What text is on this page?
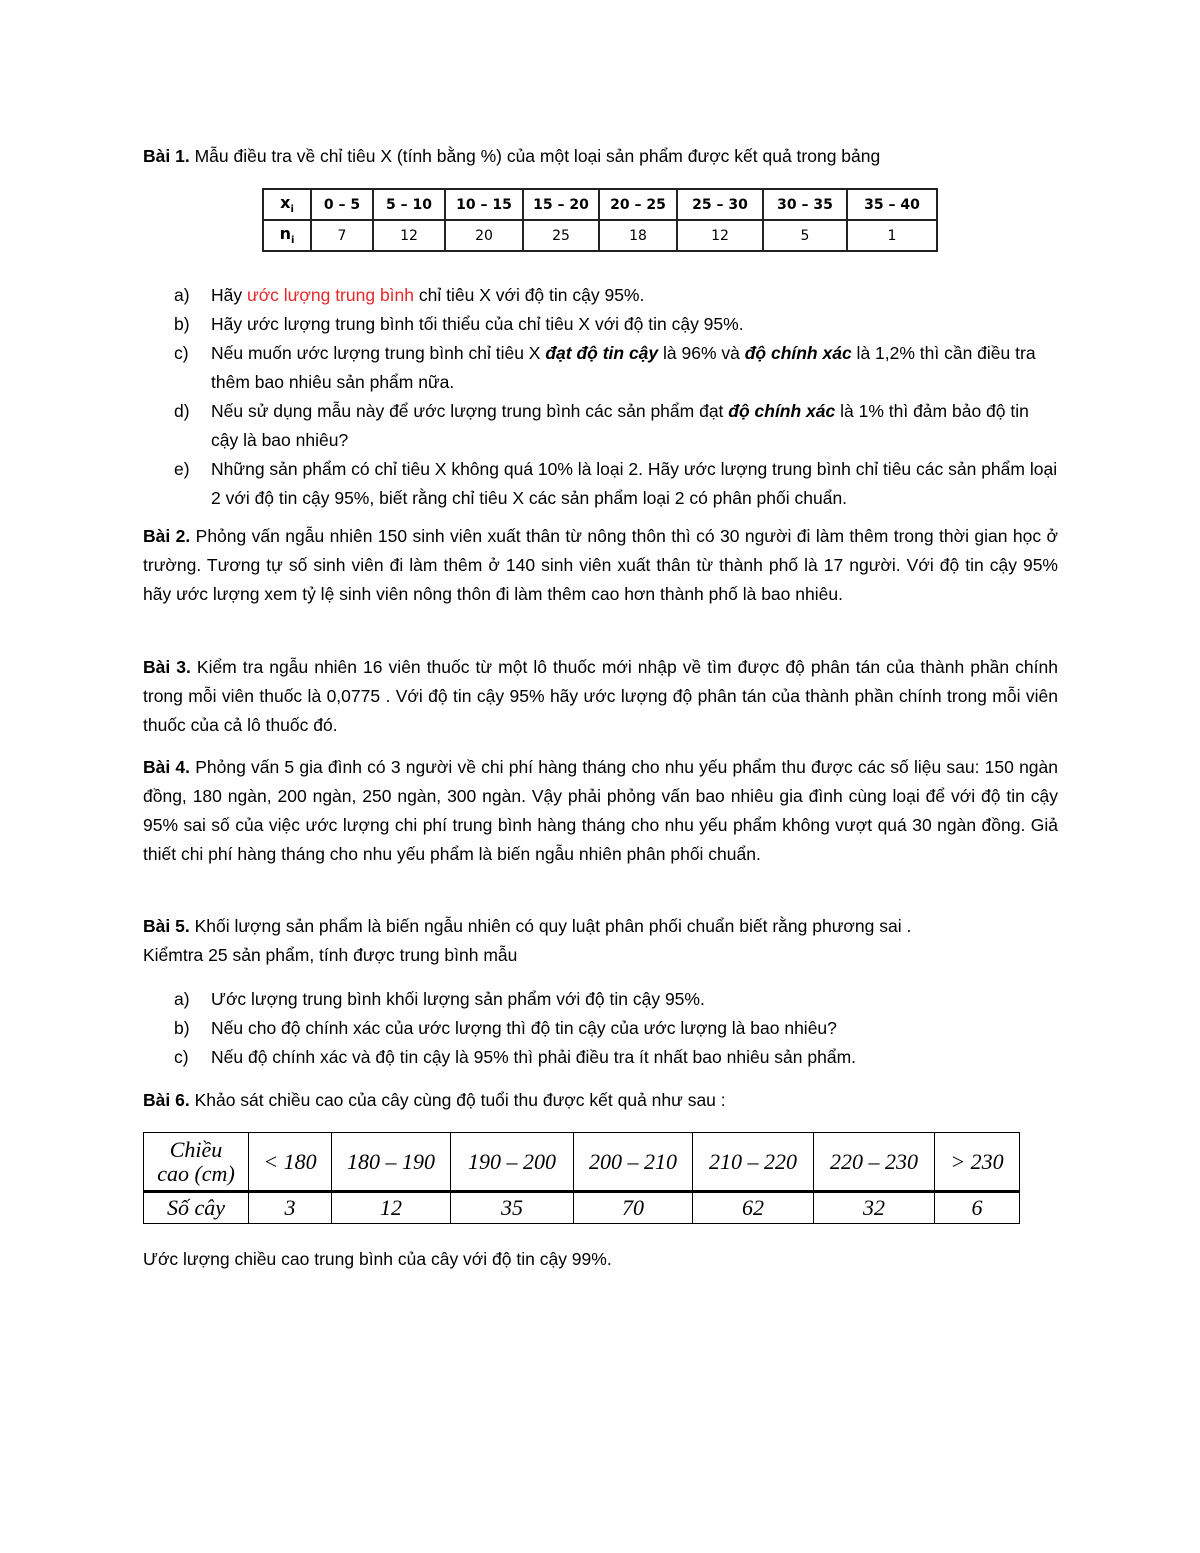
Bài 1. Mẫu điều tra về chỉ tiêu X (tính bằng %) của một loại sản phẩm được kết quả trong bảng
$x_i$	0 – 5	5 – 10	10 – 15	15 – 20	20 – 25	25 – 30	30 – 35	35 – 40
$n_i$	7	12	20	25	18	12	5	1
a) Hãy ước lượng trung bình chỉ tiêu X với độ tin cậy 95%.
b) Hãy ước lượng trung bình tối thiểu của chỉ tiêu X với độ tin cậy 95%.
c) Nếu muốn ước lượng trung bình chỉ tiêu X đạt độ tin cậy là 96% và độ chính xác là 1,2% thì cần điều tra thêm bao nhiêu sản phẩm nữa.
d) Nếu sử dụng mẫu này để ước lượng trung bình các sản phẩm đạt độ chính xác là 1% thì đảm bảo độ tin cậy là bao nhiêu?
e) Những sản phẩm có chỉ tiêu X không quá 10% là loại 2. Hãy ước lượng trung bình chỉ tiêu các sản phẩm loại 2 với độ tin cậy 95%, biết rằng chỉ tiêu X các sản phẩm loại 2 có phân phối chuẩn.
Bài 2. Phỏng vấn ngẫu nhiên 150 sinh viên xuất thân từ nông thôn thì có 30 người đi làm thêm trong thời gian học ở trường. Tương tự số sinh viên đi làm thêm ở 140 sinh viên xuất thân từ thành phố là 17 người. Với độ tin cậy 95% hãy ước lượng xem tỷ lệ sinh viên nông thôn đi làm thêm cao hơn thành phố là bao nhiêu.
Bài 3. Kiểm tra ngẫu nhiên 16 viên thuốc từ một lô thuốc mới nhập về tìm được độ phân tán của thành phần chính trong mỗi viên thuốc là 0,0775 . Với độ tin cậy 95% hãy ước lượng độ phân tán của thành phần chính trong mỗi viên thuốc của cả lô thuốc đó.
Bài 4. Phỏng vấn 5 gia đình có 3 người về chi phí hàng tháng cho nhu yếu phẩm thu được các số liệu sau: 150 ngàn đồng, 180 ngàn, 200 ngàn, 250 ngàn, 300 ngàn. Vậy phải phỏng vấn bao nhiêu gia đình cùng loại để với độ tin cậy 95% sai số của việc ước lượng chi phí trung bình hàng tháng cho nhu yếu phẩm không vượt quá 30 ngàn đồng. Giả thiết chi phí hàng tháng cho nhu yếu phẩm là biến ngẫu nhiên phân phối chuẩn.
Bài 5. Khối lượng sản phẩm là biến ngẫu nhiên có quy luật phân phối chuẩn biết rằng phương sai .
Kiểmtra 25 sản phẩm, tính được trung bình mẫu
a) Ước lượng trung bình khối lượng sản phẩm với độ tin cậy 95%.
b) Nếu cho độ chính xác của ước lượng thì độ tin cậy của ước lượng là bao nhiêu?
c) Nếu độ chính xác và độ tin cậy là 95% thì phải điều tra ít nhất bao nhiêu sản phẩm.
Bài 6. Khảo sát chiều cao của cây cùng độ tuổi thu được kết quả như sau :
Chiều
cao (cm)	< 180	180 – 190	190 – 200	200 – 210	210 – 220	220 – 230	> 230
Số cây	3	12	35	70	62	32	6
Ước lượng chiều cao trung bình của cây với độ tin cậy 99%.
